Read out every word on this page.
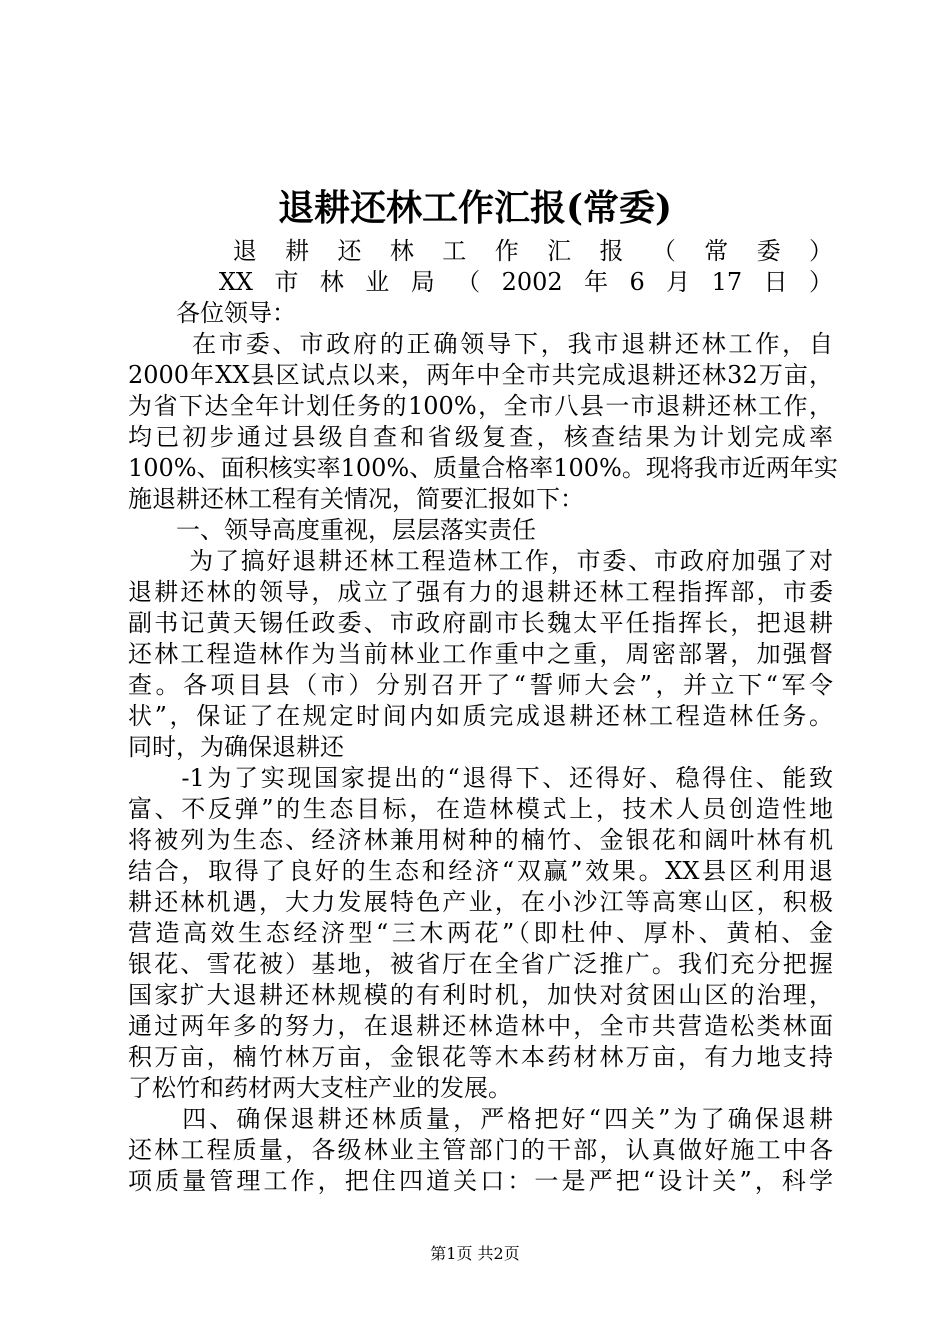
退耕还林工作汇报(常委)
　　退耕还林工作汇报（常委）
　　XX市林业局（2002年6月17日）
　　各位领导：
　　 在市委、市政府的正确领导下，我市退耕还林工作，自
2000年XX县区试点以来，两年中全市共完成退耕还林32万亩，
为省下达全年计划任务的100%，全市八县一市退耕还林工作，
均已初步通过县级自查和省级复查，核查结果为计划完成率
100%、面积核实率100%、质量合格率100%。现将我市近两年实
施退耕还林工程有关情况，简要汇报如下：
　　一、领导高度重视，层层落实责任
　　 为了搞好退耕还林工程造林工作，市委、市政府加强了对
退耕还林的领导，成立了强有力的退耕还林工程指挥部，市委
副书记黄天锡任政委、市政府副市长魏太平任指挥长，把退耕
还林工程造林作为当前林业工作重中之重，周密部署，加强督
查。各项目县（市）分别召开了“誓师大会”，并立下“军令
状”，保证了在规定时间内如质完成退耕还林工程造林任务。
同时，为确保退耕还
　　-1为了实现国家提出的“退得下、还得好、稳得住、能致
富、不反弹”的生态目标，在造林模式上，技术人员创造性地
将被列为生态、经济林兼用树种的楠竹、金银花和阔叶林有机
结合，取得了良好的生态和经济“双赢”效果。XX县区利用退
耕还林机遇，大力发展特色产业，在小沙江等高寒山区，积极
营造高效生态经济型“三木两花”（即杜仲、厚朴、黄柏、金
银花、雪花被）基地，被省厅在全省广泛推广。我们充分把握
国家扩大退耕还林规模的有利时机，加快对贫困山区的治理，
通过两年多的努力，在退耕还林造林中，全市共营造松类林面
积万亩，楠竹林万亩，金银花等木本药材林万亩，有力地支持
了松竹和药材两大支柱产业的发展。
　　四、确保退耕还林质量，严格把好“四关”为了确保退耕
还林工程质量，各级林业主管部门的干部，认真做好施工中各
项质量管理工作，把住四道关口：一是严把“设计关”，科学
第1页 共2页
